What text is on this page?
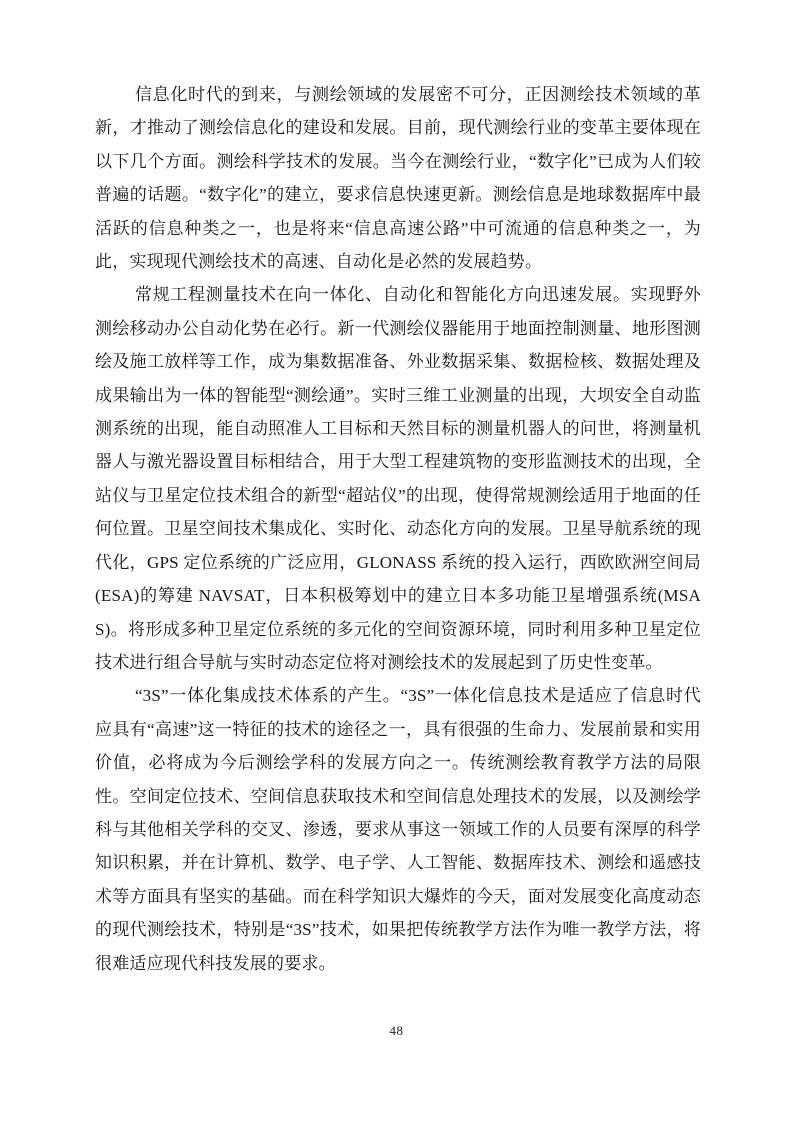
信息化时代的到来，与测绘领域的发展密不可分，正因测绘技术领域的革新，才推动了测绘信息化的建设和发展。目前，现代测绘行业的变革主要体现在以下几个方面。测绘科学技术的发展。当今在测绘行业，“数字化”已成为人们较普遍的话题。“数字化”的建立，要求信息快速更新。测绘信息是地球数据库中最活跃的信息种类之一，也是将来“信息高速公路”中可流通的信息种类之一，为此，实现现代测绘技术的高速、自动化是必然的发展趋势。

常规工程测量技术在向一体化、自动化和智能化方向迅速发展。实现野外测绘移动办公自动化势在必行。新一代测绘仪器能用于地面控制测量、地形图测绘及施工放样等工作，成为集数据准备、外业数据采集、数据检核、数据处理及成果输出为一体的智能型“测绘通”。实时三维工业测量的出现，大坝安全自动监测系统的出现，能自动照准人工目标和天然目标的测量机器人的问世，将测量机器人与激光器设置目标相结合，用于大型工程建筑物的变形监测技术的出现，全站仪与卫星定位技术组合的新型“超站仪”的出现，使得常规测绘适用于地面的任何位置。卫星空间技术集成化、实时化、动态化方向的发展。卫星导航系统的现代化，GPS 定位系统的广泛应用，GLONASS 系统的投入运行，西欧欧洲空间局(ESA)的筹建 NAVSAT，日本积极筹划中的建立日本多功能卫星增强系统(MSAS)。将形成多种卫星定位系统的多元化的空间资源环境，同时利用多种卫星定位技术进行组合导航与实时动态定位将对测绘技术的发展起到了历史性变革。

“3S”一体化集成技术体系的产生。“3S”一体化信息技术是适应了信息时代应具有“高速”这一特征的技术的途径之一，具有很强的生命力、发展前景和实用价值，必将成为今后测绘学科的发展方向之一。传统测绘教育教学方法的局限性。空间定位技术、空间信息获取技术和空间信息处理技术的发展，以及测绘学科与其他相关学科的交叉、渗透，要求从事这一领域工作的人员要有深厚的科学知识积累，并在计算机、数学、电子学、人工智能、数据库技术、测绘和遥感技术等方面具有坚实的基础。而在科学知识大爆炸的今天，面对发展变化高度动态的现代测绘技术，特别是“3S”技术，如果把传统教学方法作为唯一教学方法，将很难适应现代科技发展的要求。

48
